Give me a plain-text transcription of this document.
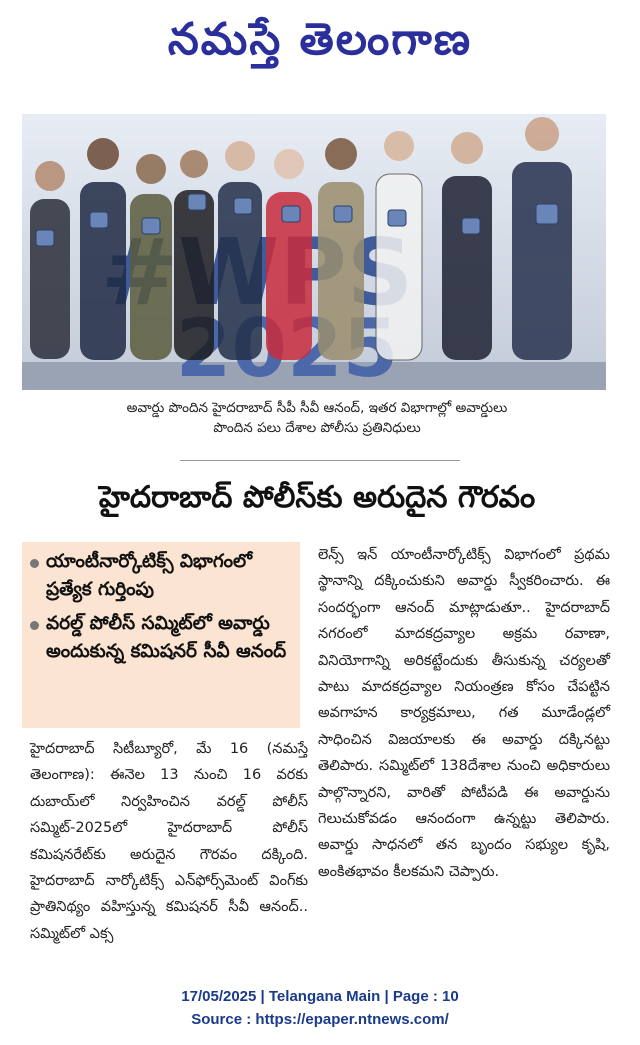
నమస్తే తెలంగాణ
అవార్డు పొందిన హైదరాబాద్ సీపీ సీవీ ఆనంద్, ఇతర విభాగాల్లో అవార్డులు
పొందిన పలు దేశాల పోలీసు ప్రతినిధులు
హైదరాబాద్ పోలీస్‌కు అరుదైన గౌరవం
యాంటీనార్కోటిక్స్ విభాగంలో ప్రత్యేక గుర్తింపు
వరల్డ్ పోలీస్ సమ్మిట్‌లో అవార్డు అందుకున్న కమిషనర్ సీవీ ఆనంద్
హైదరాబాద్ సిటీబ్యూరో, మే 16 (నమస్తే తెలంగాణ): ఈనెల 13 నుంచి 16 వరకు దుబాయ్‌లో నిర్వహించిన వరల్డ్ పోలీస్ సమ్మిట్-2025లో హైదరాబాద్ పోలీస్ కమిషనరేట్‌కు అరుదైన గౌరవం దక్కింది. హైదరాబాద్ నార్కోటిక్స్ ఎన్‌ఫోర్స్‌మెంట్ వింగ్‌కు ప్రాతినిథ్యం వహిస్తున్న కమిషనర్ సీవీ ఆనంద్.. సమ్మిట్‌లో ఎక్స
లెన్స్ ఇన్ యాంటీనార్కోటిక్స్ విభాగంలో ప్రథమ స్థానాన్ని దక్కించుకుని అవార్డు స్వీకరించారు. ఈ సందర్భంగా ఆనంద్ మాట్లాడుతూ.. హైదరాబాద్ నగరంలో మాదకద్రవ్యాల అక్రమ రవాణా, వినియోగాన్ని అరికట్టేందుకు తీసుకున్న చర్యలతో పాటు మాదకద్రవ్యాల నియంత్రణ కోసం చేపట్టిన అవగాహన కార్యక్రమాలు, గత మూడేండ్లలో సాధించిన విజయాలకు ఈ అవార్డు దక్కినట్టు తెలిపారు. సమ్మిట్‌లో 138దేశాల నుంచి అధికారులు పాల్గొన్నారని, వారితో పోటీపడి ఈ అవార్డును గెలుచుకోవడం ఆనందంగా ఉన్నట్టు తెలిపారు. అవార్డు సాధనలో తన బృందం సభ్యుల కృషి, అంకితభావం కీలకమని చెప్పారు.
17/05/2025 | Telangana Main | Page : 10
Source : https://epaper.ntnews.com/
